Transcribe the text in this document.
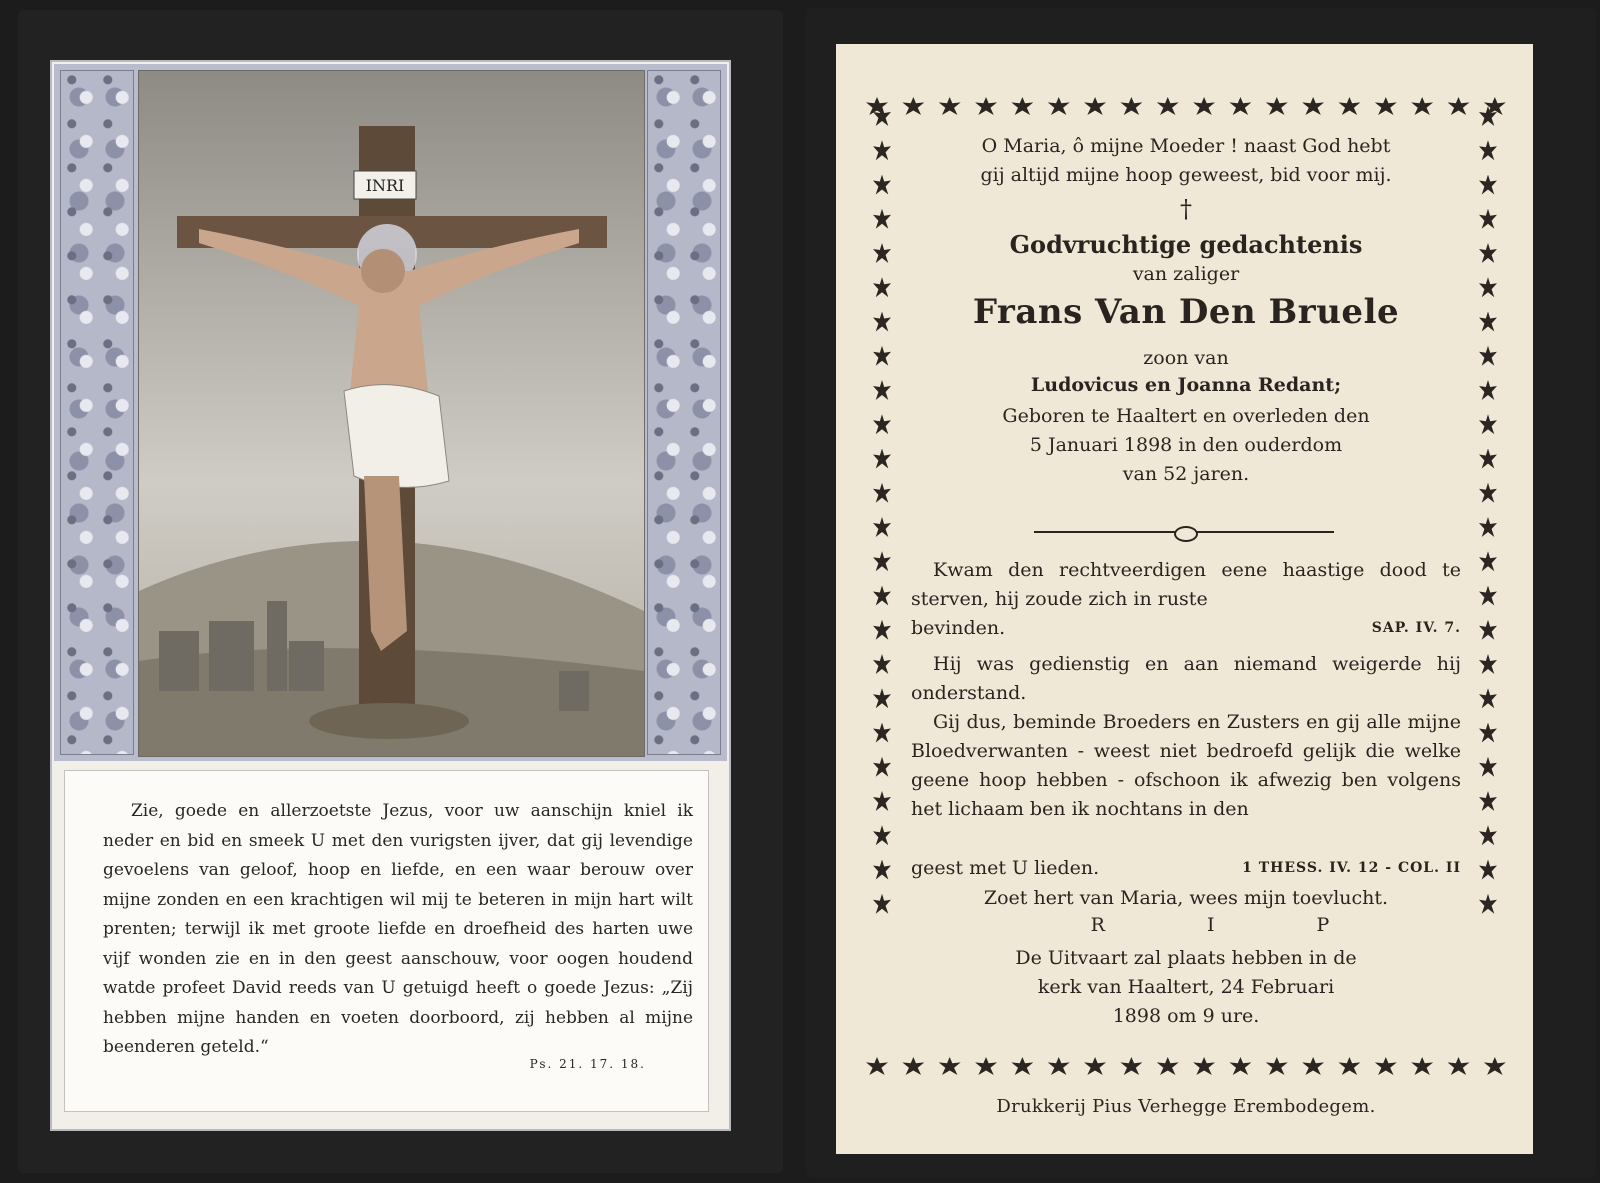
INRI
Zie, goede en allerzoetste Jezus, voor uw aanschijn kniel ik neder en bid en smeek U met den vurigsten ijver, dat gij levendige gevoelens van geloof, hoop en liefde, en een waar berouw over mijne zonden en een krachtigen wil mij te beteren in mijn hart wilt prenten; terwijl ik met groote liefde en droefheid des harten uwe vijf wonden zie en in den geest aanschouw, voor oogen houdend watde profeet David reeds van U getuigd heeft o goede Jezus: „Zij hebben mijne handen en voeten doorboord, zij hebben al mijne beenderen geteld.“
Ps. 21. 17. 18.
O Maria, ô mijne Moeder ! naast God hebt
gij altijd mijne hoop geweest, bid voor mij.
†
Godvruchtige gedachtenis
van zaliger
Frans Van Den Bruele
zoon van
Ludovicus en Joanna Redant;
Geboren te Haaltert en overleden den
5 Januari 1898 in den ouderdom
van 52 jaren.
Kwam den rechtveerdigen eene haastige dood te sterven, hij zoude zich in ruste
bevinden.	SAP. IV. 7.
Hij was gedienstig en aan niemand weigerde hij onderstand.
Gij dus, beminde Broeders en Zusters en gij alle mijne Bloedverwanten - weest niet bedroefd gelijk die welke geene hoop hebben - ofschoon ik afwezig ben volgens het lichaam ben ik nochtans in den
geest met U lieden.	1 THESS. IV. 12 - COL. II
Zoet hert van Maria, wees mijn toevlucht.
R I P
De Uitvaart zal plaats hebben in de
kerk van Haaltert, 24 Februari
1898 om 9 ure.
Drukkerij Pius Verhegge Erembodegem.
